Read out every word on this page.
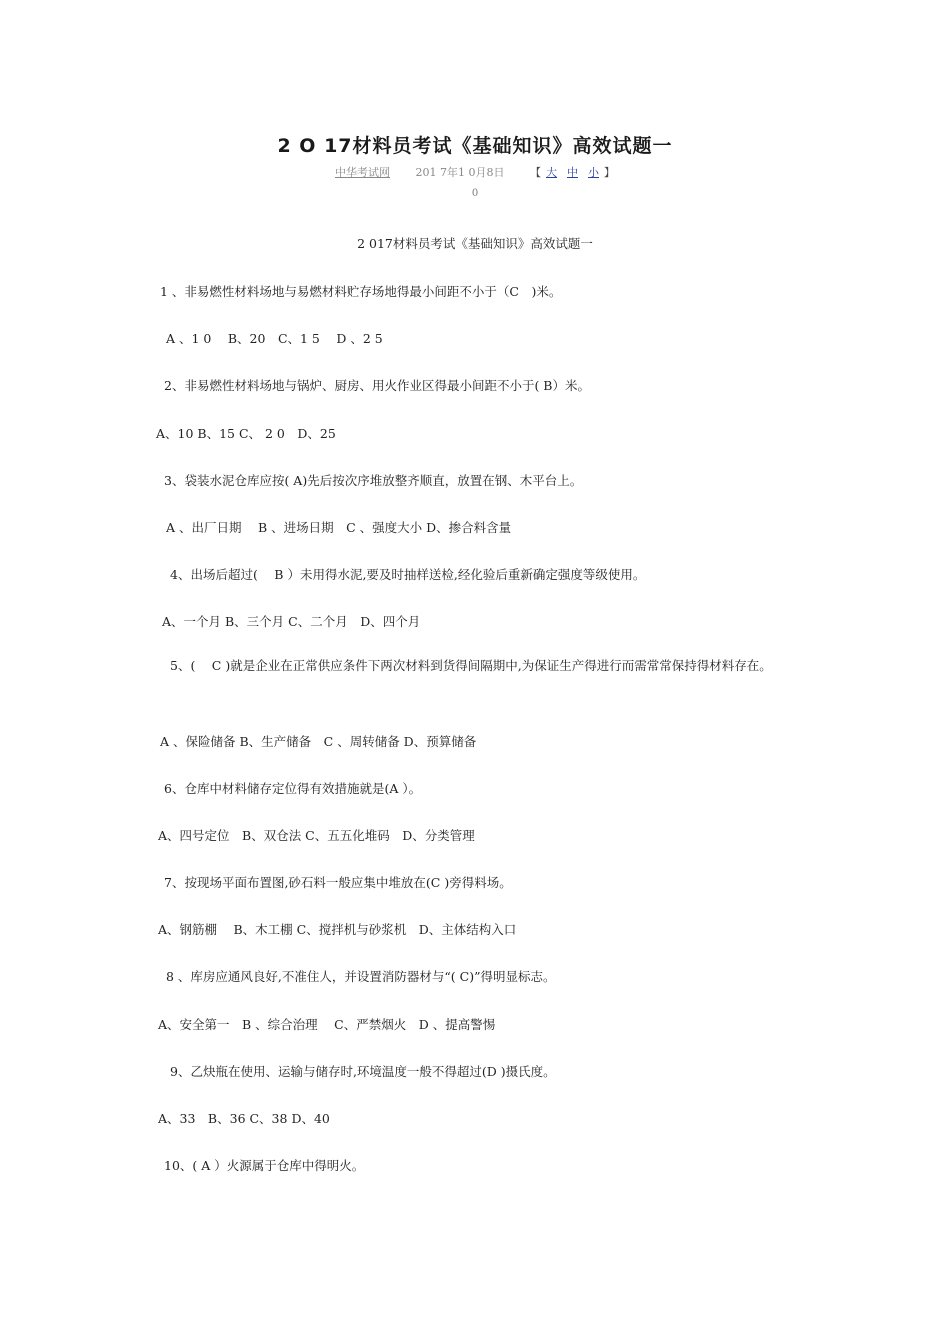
2 O 17材料员考试《基础知识》高效试题一
中华考试网 201 7年1 0月8日 【 大 中 小 】
0
2 017材料员考试《基础知识》高效试题一
1 、非易燃性材料场地与易燃材料贮存场地得最小间距不小于（C　)米。
A 、1 0　 B、20　C、1 5　 D 、2 5
2、非易燃性材料场地与锅炉、厨房、用火作业区得最小间距不小于( B）米。
A、10 B、15 C、 2 0　D、25
3、袋装水泥仓库应按( A)先后按次序堆放整齐顺直，放置在钢、木平台上。
A 、出厂日期　 B 、进场日期　C 、强度大小 D、掺合料含量
4、出场后超过(　 B ）未用得水泥,要及时抽样送检,经化验后重新确定强度等级使用。
A、一个月 B、三个月 C、二个月　D、四个月
5、(　 C )就是企业在正常供应条件下两次材料到货得间隔期中,为保证生产得进行而需常常保持得材料存在。
A 、保险储备 B、生产储备　C 、周转储备 D、预算储备
6、仓库中材料储存定位得有效措施就是(A ）。
A、四号定位　B、双仓法 C、五五化堆码　D、分类管理
7、按现场平面布置图,砂石料一般应集中堆放在(C )旁得料场。
A、钢筋棚　 B、木工棚 C、搅拌机与砂浆机　D、主体结构入口
8 、库房应通风良好,不准住人，并设置消防器材与“( C)”得明显标志。
A、安全第一　B 、综合治理　 C、严禁烟火　D 、提高警惕
9、乙炔瓶在使用、运输与储存时,环境温度一般不得超过(D )摄氏度。
A、33　B、36 C、38 D、40
10、( A ）火源属于仓库中得明火。
